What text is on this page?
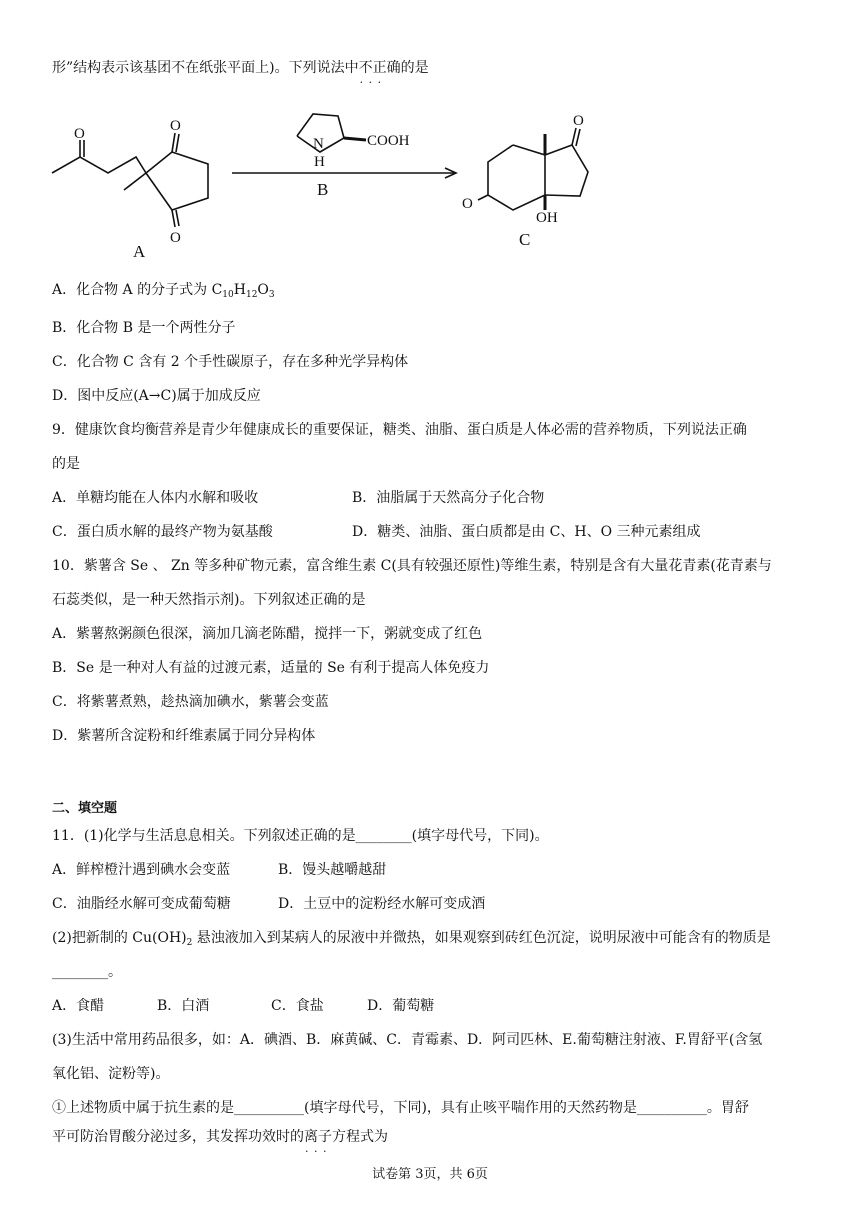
形”结构表示该基团不在纸张平面上)。下列说法中不正确 · · ·的是
O	O
O
A
N
H
COOH
B
O
O
OH
C
A．化合物 A 的分子式为 $C_{10}H_{12}O_3$
B．化合物 B 是一个两性分子
C．化合物 C 含有 2 个手性碳原子，存在多种光学异构体
D．图中反应(A→C)属于加成反应
9．健康饮食均衡营养是青少年健康成长的重要保证，糖类、油脂、蛋白质是人体必需的营养物质，下列说法正确
的是
A．单糖均能在人体内水解和吸收	B．油脂属于天然高分子化合物
C．蛋白质水解的最终产物为氨基酸	D．糖类、油脂、蛋白质都是由 C、H、O 三种元素组成
10．紫薯含 Se 、 Zn 等多种矿物元素，富含维生素 C(具有较强还原性)等维生素，特别是含有大量花青素(花青素与
石蕊类似，是一种天然指示剂)。下列叙述正确的是
A．紫薯熬粥颜色很深，滴加几滴老陈醋，搅拌一下，粥就变成了红色
B．Se 是一种对人有益的过渡元素，适量的 Se 有利于提高人体免疫力
C．将紫薯煮熟，趁热滴加碘水，紫薯会变蓝
D．紫薯所含淀粉和纤维素属于同分异构体
二、填空题
11．(1)化学与生活息息相关。下列叙述正确的是________(填字母代号，下同)。
A．鲜榨橙汁遇到碘水会变蓝	B．馒头越嚼越甜
C．油脂经水解可变成葡萄糖	D．土豆中的淀粉经水解可变成酒
(2)把新制的 $Cu(OH)_2$ 悬浊液加入到某病人的尿液中并微热，如果观察到砖红色沉淀，说明尿液中可能含有的物质是
________。
A．食醋	B．白酒	C．食盐	D．葡萄糖
(3)生活中常用药品很多，如：A．碘酒、B．麻黄碱、C．青霉素、D．阿司匹林、E.葡萄糖注射液、F.胃舒平(含氢
氧化铝、淀粉等)。
①上述物质中属于抗生素的是__________(填字母代号，下同)，具有止咳平喘作用的天然药物是__________。胃舒
平可防治胃酸分泌过多，其发挥功效时的离子方程式 · · ·为
试卷第 3页，共 6页
